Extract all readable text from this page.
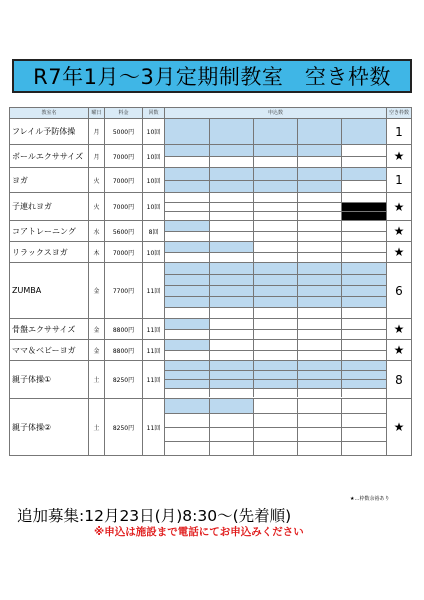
R7年1月～3月定期制教室　空き枠数
教室名	曜日	料金	回数	申込数	空き枠数
フレイル予防体操	月	5000円	10回						1
ボールエクササイズ	月	7000円	10回										★
ヨガ	火	7000円	10回										1
子連れヨガ	火	7000円	10回														★
コアトレーニング	水	5600円	8回										★
リラックスヨガ	木	7000円	10回										★
ZUMBA	金	7700円	11回																						6
骨盤エクササイズ	金	8800円	11回										★
ママ＆ベビーヨガ	金	8800円	11回										★
親子体操①	土	8250円	11回																		8
親子体操②	土	8250円	11回																		★
★…枠数余裕あり
追加募集:12月23日(月)8:30～(先着順)
※申込は施設まで電話にてお申込みください
